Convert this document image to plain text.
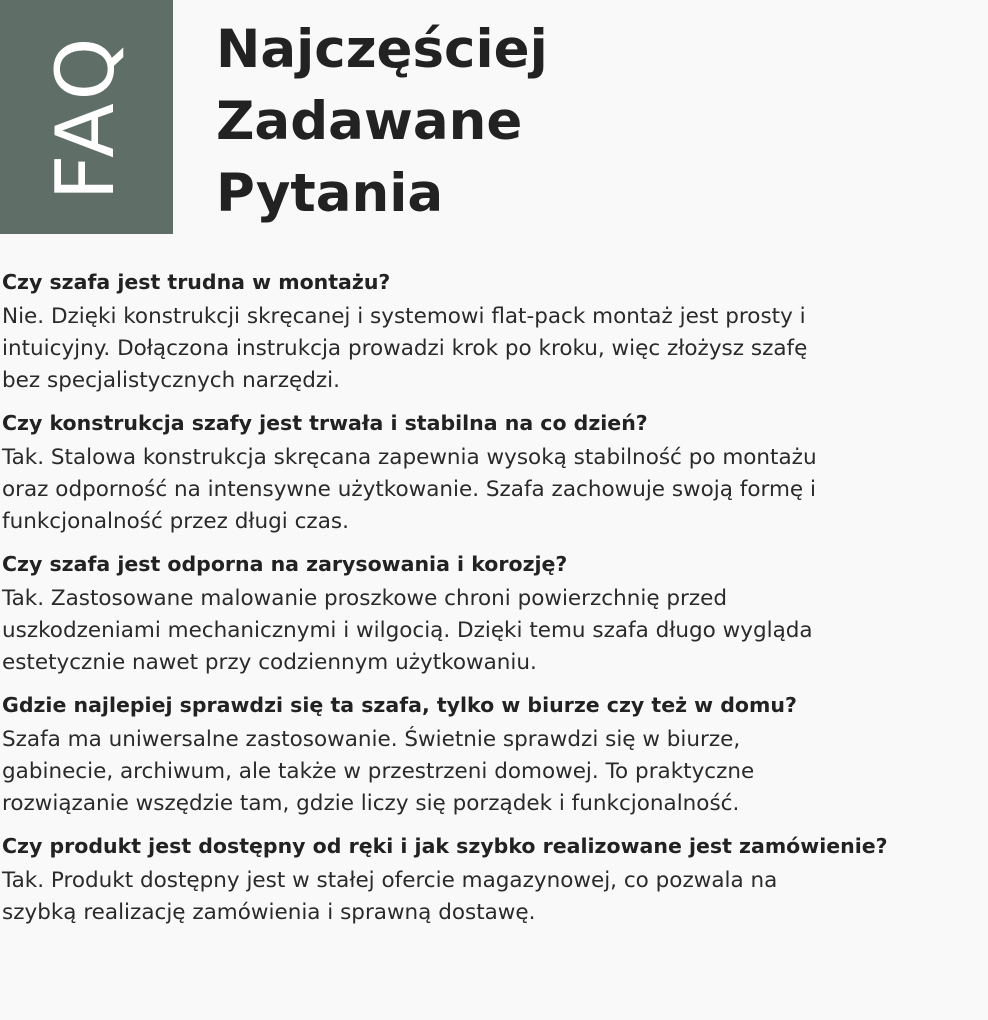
FAQ Najczęściej
Zadawane
Pytania
Czy szafa jest trudna w montażu?

Nie. Dzięki konstrukcji skręcanej i systemowi flat-pack montaż jest prosty i
intuicyjny. Dołączona instrukcja prowadzi krok po kroku, więc złożysz szafę
bez specjalistycznych narzędzi.

Czy konstrukcja szafy jest trwała i stabilna na co dzień?

Tak. Stalowa konstrukcja skręcana zapewnia wysoką stabilność po montażu
oraz odporność na intensywne użytkowanie. Szafa zachowuje swoją formę i
funkcjonalność przez długi czas.

Czy szafa jest odporna na zarysowania i korozję?

Tak. Zastosowane malowanie proszkowe chroni powierzchnię przed
uszkodzeniami mechanicznymi i wilgocią. Dzięki temu szafa długo wygląda
estetycznie nawet przy codziennym użytkowaniu.

Gdzie najlepiej sprawdzi się ta szafa, tylko w biurze czy też w domu?

Szafa ma uniwersalne zastosowanie. Świetnie sprawdzi się w biurze,
gabinecie, archiwum, ale także w przestrzeni domowej. To praktyczne
rozwiązanie wszędzie tam, gdzie liczy się porządek i funkcjonalność.

Czy produkt jest dostępny od ręki i jak szybko realizowane jest zamówienie?

Tak. Produkt dostępny jest w stałej ofercie magazynowej, co pozwala na
szybką realizację zamówienia i sprawną dostawę.
